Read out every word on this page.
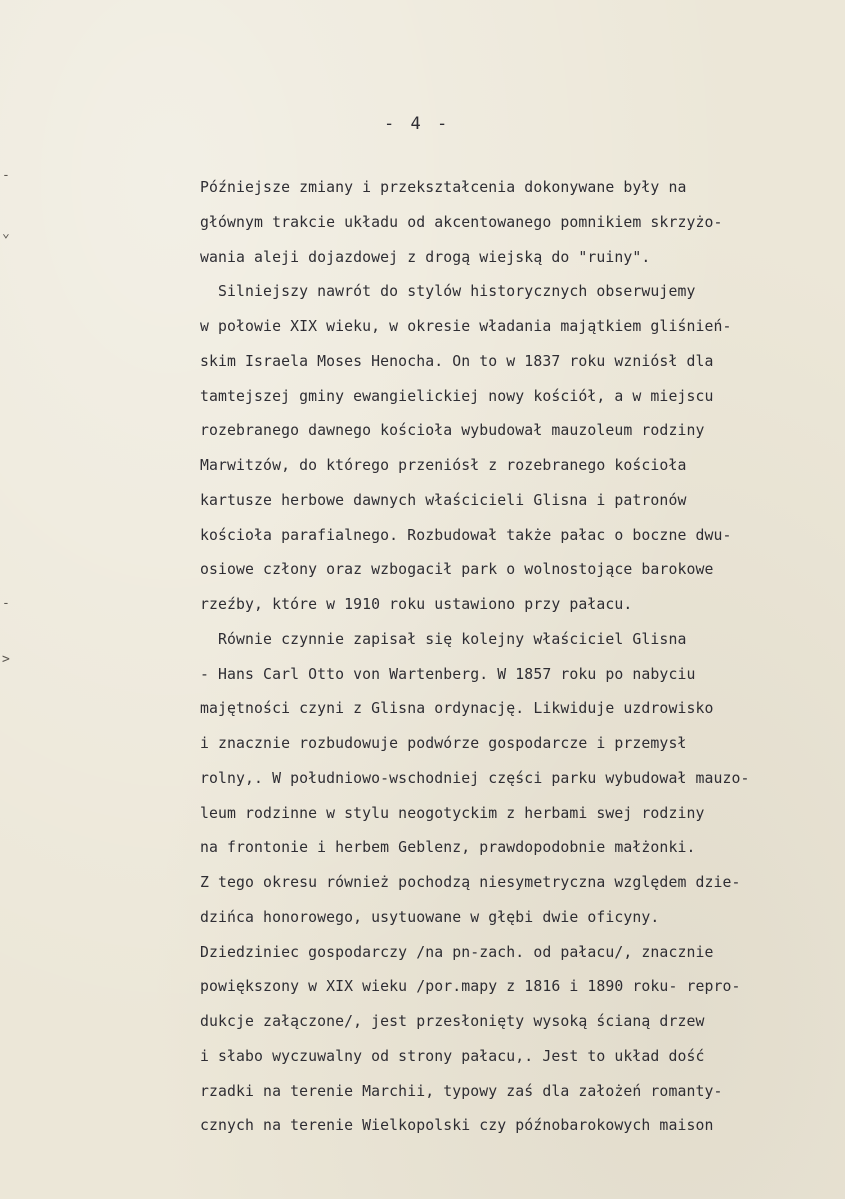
-
⌄
-
>
- 4 -
Późniejsze zmiany i przekształcenia dokonywane były na
głównym trakcie układu od akcentowanego pomnikiem skrzyżo-
wania aleji dojazdowej z drogą wiejską do "ruiny".
Silniejszy nawrót do stylów historycznych obserwujemy
w połowie XIX wieku, w okresie władania majątkiem gliśnień-
skim Israela Moses Henocha. On to w 1837 roku wzniósł dla
tamtejszej gminy ewangielickiej nowy kościół, a w miejscu
rozebranego dawnego kościoła wybudował mauzoleum rodziny
Marwitzów, do którego przeniósł z rozebranego kościoła
kartusze herbowe dawnych właścicieli Glisna i patronów
kościoła parafialnego. Rozbudował także pałac o boczne dwu-
osiowe człony oraz wzbogacił park o wolnostojące barokowe
rzeźby, które w 1910 roku ustawiono przy pałacu.
Równie czynnie zapisał się kolejny właściciel Glisna
- Hans Carl Otto von Wartenberg. W 1857 roku po nabyciu
majętności czyni z Glisna ordynację. Likwiduje uzdrowisko
i znacznie rozbudowuje podwórze gospodarcze i przemysł
rolny,. W południowo-wschodniej części parku wybudował mauzo-
leum rodzinne w stylu neogotyckim z herbami swej rodziny
na frontonie i herbem Geblenz, prawdopodobnie małżonki.
Z tego okresu również pochodzą niesymetryczna względem dzie-
dzińca honorowego, usytuowane w głębi dwie oficyny.
Dziedziniec gospodarczy /na pn-zach. od pałacu/, znacznie
powiększony w XIX wieku /por.mapy z 1816 i 1890 roku- repro-
dukcje załączone/, jest przesłonięty wysoką ścianą drzew
i słabo wyczuwalny od strony pałacu,. Jest to układ dość
rzadki na terenie Marchii, typowy zaś dla założeń romanty-
cznych na terenie Wielkopolski czy późnobarokowych maison
